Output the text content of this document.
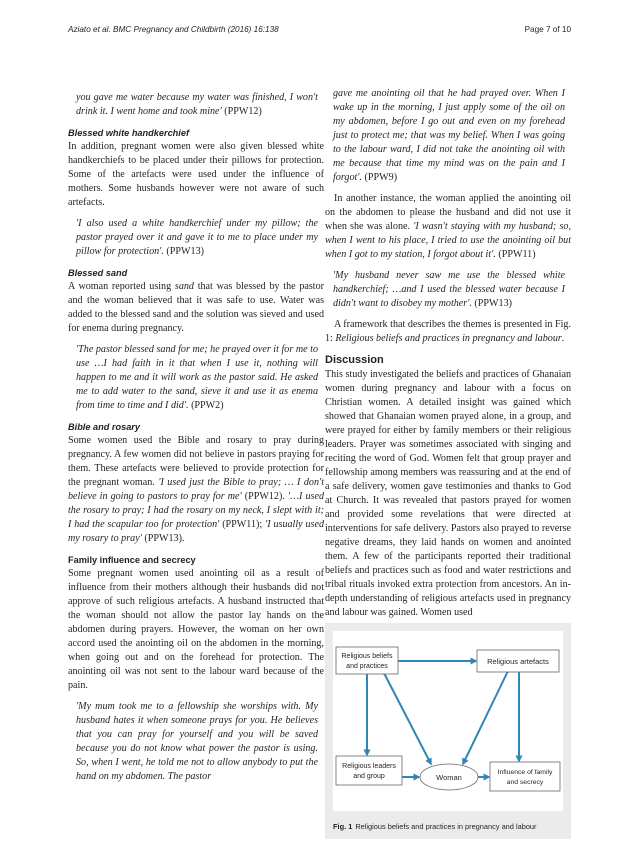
Aziato et al. BMC Pregnancy and Childbirth (2016) 16:138	Page 7 of 10

you gave me water because my water was finished, I won't drink it. I went home and took mine' (PPW12)

Blessed white handkerchief

In addition, pregnant women were also given blessed white handkerchiefs to be placed under their pillows for protection. Some of the artefacts were used under the influence of mothers. Some husbands however were not aware of such artefacts.

'I also used a white handkerchief under my pillow; the pastor prayed over it and gave it to me to place under my pillow for protection'. (PPW13)

Blessed sand

A woman reported using sand that was blessed by the pastor and the woman believed that it was safe to use. Water was added to the blessed sand and the solution was sieved and used for enema during pregnancy.

'The pastor blessed sand for me; he prayed over it for me to use …I had faith in it that when I use it, nothing will happen to me and it will work as the pastor said. He asked me to add water to the sand, sieve it and use it as enema from time to time and I did'. (PPW2)

Bible and rosary

Some women used the Bible and rosary to pray during pregnancy. A few women did not believe in pastors praying for them. These artefacts were believed to provide protection for the pregnant woman. 'I used just the Bible to pray; … I don't believe in going to pastors to pray for me' (PPW12). '…I used the rosary to pray; I had the rosary on my neck, I slept with it; I had the scapular too for protection' (PPW11); 'I usually used my rosary to pray' (PPW13).

Family influence and secrecy

Some pregnant women used anointing oil as a result of influence from their mothers although their husbands did not approve of such religious artefacts. A husband instructed that the woman should not allow the pastor lay hands on the abdomen during prayers. However, the woman on her own accord used the anointing oil on the abdomen in the morning, when going out and on the forehead for protection. The anointing oil was not sent to the labour ward because of the pain.

'My mum took me to a fellowship she worships with. My husband hates it when someone prays for you. He believes that you can pray for yourself and you will be saved because you do not know what power the pastor is using. So, when I went, he told me not to allow anybody to put the hand on my abdomen. The pastor

gave me anointing oil that he had prayed over. When I wake up in the morning, I just apply some of the oil on my abdomen, before I go out and even on my forehead just to protect me; that was my belief. When I was going to the labour ward, I did not take the anointing oil with me because that time my mind was on the pain and I forgot'. (PPW9)

In another instance, the woman applied the anointing oil on the abdomen to please the husband and did not use it when she was alone. 'I wasn't staying with my husband; so, when I went to his place, I tried to use the anointing oil but when I got to my station, I forgot about it'. (PPW11)

'My husband never saw me use the blessed white handkerchief; …and I used the blessed water because I didn't want to disobey my mother'. (PPW13)

A framework that describes the themes is presented in Fig. 1: Religious beliefs and practices in pregnancy and labour.

Discussion

This study investigated the beliefs and practices of Ghanaian women during pregnancy and labour with a focus on Christian women. A detailed insight was gained which showed that Ghanaian women prayed alone, in a group, and were prayed for either by family members or their religious leaders. Prayer was sometimes associated with singing and reciting the word of God. Women felt that group prayer and fellowship among members was reassuring and at the end of a safe delivery, women gave testimonies and thanks to God at Church. It was revealed that pastors prayed for women and provided some revelations that were directed at interventions for safe delivery. Pastors also prayed to reverse negative dreams, they laid hands on women and anointed them. A few of the participants reported their traditional beliefs and practices such as food and water restrictions and tribal rituals invoked extra protection from ancestors. An in-depth understanding of religious artefacts used in pregnancy and labour was gained. Women used

Religious beliefs
and practices
Religious artefacts
Religious leaders
and group	Woman
Influence of family
and secrecy
Fig. 1 Religious beliefs and practices in pregnancy and labour
